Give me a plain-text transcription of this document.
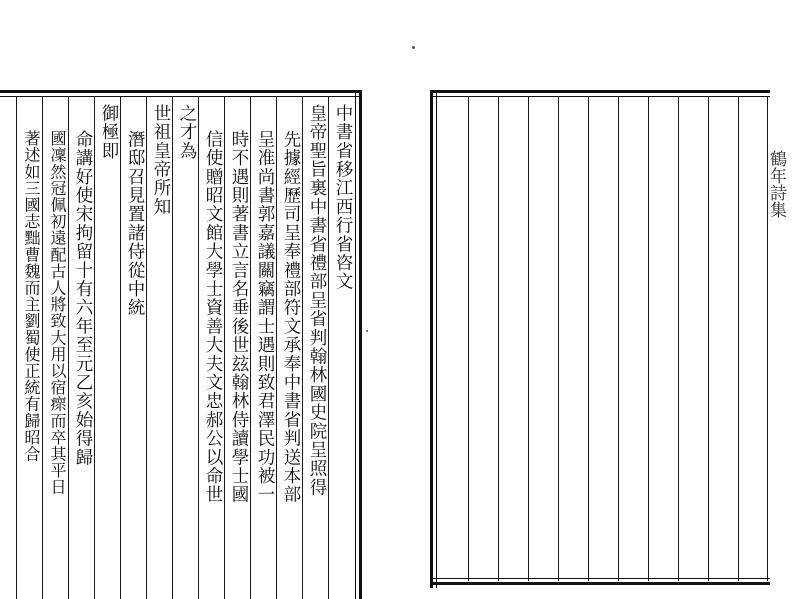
中書省移江西行省咨文
皇帝聖旨裏中書省禮部呈省判翰林國史院呈照得
先據經歷司呈奉禮部符文承奉中書省判送本部
呈准尚書郭嘉議關竊謂士遇則致君澤民功被一
時不遇則著書立言名垂後世玆翰林侍讀學士國
信使贈昭文館大學士資善大夫文忠郝公以命世
之才為
世祖皇帝所知
潛邸召見置諸侍從中統
御極即
命講好使宋拘留十有六年至元乙亥始得歸
國凜然冠佩初遠配古人將致大用以宿瘝而卒其平日
著述如三國志黜曹魏而主劉蜀使正統有歸昭合	鶴年詩集
